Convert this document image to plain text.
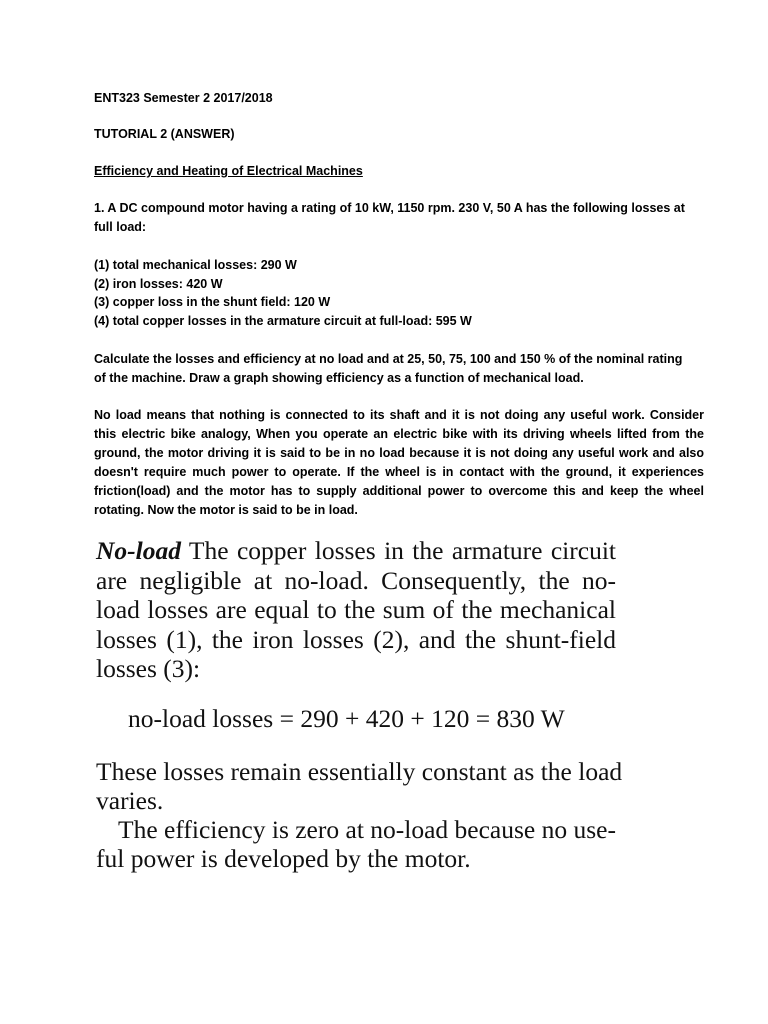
ENT323 Semester 2 2017/2018
TUTORIAL 2 (ANSWER)
Efficiency and Heating of Electrical Machines
1. A DC compound motor having a rating of 10 kW, 1150 rpm. 230 V, 50 A has the following losses at
full load:
(1) total mechanical losses: 290 W
(2) iron losses: 420 W
(3) copper loss in the shunt field: 120 W
(4) total copper losses in the armature circuit at full-load: 595 W
Calculate the losses and efficiency at no load and at 25, 50, 75, 100 and 150 % of the nominal rating
of the machine. Draw a graph showing efficiency as a function of mechanical load.
No load means that nothing is connected to its shaft and it is not doing any useful work. Consider
this electric bike analogy, When you operate an electric bike with its driving wheels lifted from the
ground, the motor driving it is said to be in no load because it is not doing any useful work and also
doesn't require much power to operate. If the wheel is in contact with the ground, it experiences
friction(load) and the motor has to supply additional power to overcome this and keep the wheel
rotating. Now the motor is said to be in load.
No-load The copper losses in the armature circuit
are negligible at no-load. Consequently, the no-
load losses are equal to the sum of the mechanical
losses (1), the iron losses (2), and the shunt-field
losses (3):
no-load losses = 290 + 420 + 120 = 830 W
These losses remain essentially constant as the load
varies.
The efficiency is zero at no-load because no use-
ful power is developed by the motor.
